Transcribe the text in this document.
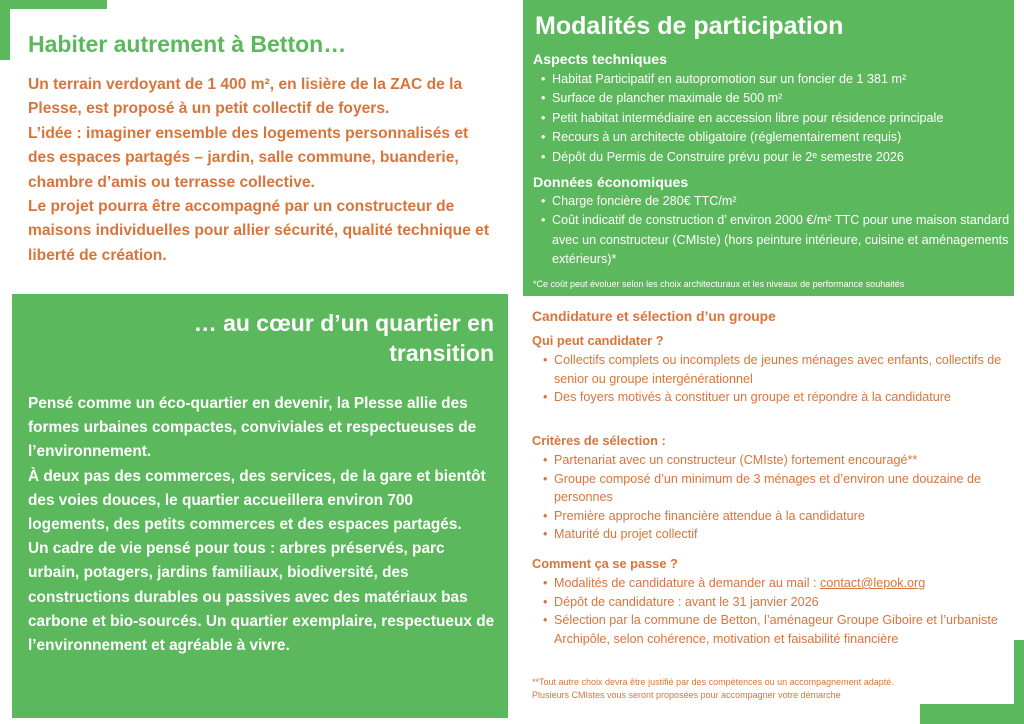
Habiter autrement à Betton…

Un terrain verdoyant de 1 400 m², en lisière de la ZAC de la Plesse, est proposé à un petit collectif de foyers.

L’idée : imaginer ensemble des logements personnalisés et des espaces partagés – jardin, salle commune, buanderie, chambre d’amis ou terrasse collective.

Le projet pourra être accompagné par un constructeur de maisons individuelles pour allier sécurité, qualité technique et liberté de création.

… au cœur d’un quartier en
transition

Pensé comme un éco-quartier en devenir, la Plesse allie des formes urbaines compactes, conviviales et respectueuses de l’environnement.

À deux pas des commerces, des services, de la gare et bientôt des voies douces, le quartier accueillera environ 700 logements, des petits commerces et des espaces partagés.

Un cadre de vie pensé pour tous : arbres préservés, parc urbain, potagers, jardins familiaux, biodiversité, des constructions durables ou passives avec des matériaux bas carbone et bio-sourcés. Un quartier exemplaire, respectueux de l’environnement et agréable à vivre.

Modalités de participation
Aspects techniques
• Habitat Participatif en autopromotion sur un foncier de 1 381 m²
• Surface de plancher maximale de 500 m²
• Petit habitat intermédiaire en accession libre pour résidence principale
• Recours à un architecte obligatoire (réglementairement requis)
• Dépôt du Permis de Construire prévu pour le 2ᵉ semestre 2026
Données économiques
• Charge foncière de 280€ TTC/m²
• Coût indicatif de construction d’ environ 2000 €/m² TTC pour une maison standard avec un constructeur (CMIste) (hors peinture intérieure, cuisine et aménagements extérieurs)*
*Ce coût peut évoluer selon les choix architecturaux et les niveaux de performance souhaités
Candidature et sélection d’un groupe
Qui peut candidater ?
• Collectifs complets ou incomplets de jeunes ménages avec enfants, collectifs de senior ou groupe intergénérationnel
• Des foyers motivés à constituer un groupe et répondre à la candidature
Critères de sélection :
• Partenariat avec un constructeur (CMIste) fortement encouragé**
• Groupe composé d’un minimum de 3 ménages et d’environ une douzaine de personnes
• Première approche financière attendue à la candidature
• Maturité du projet collectif
Comment ça se passe ?
• Modalités de candidature à demander au mail : contact@lepok.org
• Dépôt de candidature : avant le 31 janvier 2026
• Sélection par la commune de Betton, l’aménageur Groupe Giboire et l’urbaniste Archipôle, selon cohérence, motivation et faisabilité financière
**Tout autre choix devra être justifié par des compétences ou un accompagnement adapté.
Plusieurs CMIstes vous seront proposées pour accompagner votre démarche
